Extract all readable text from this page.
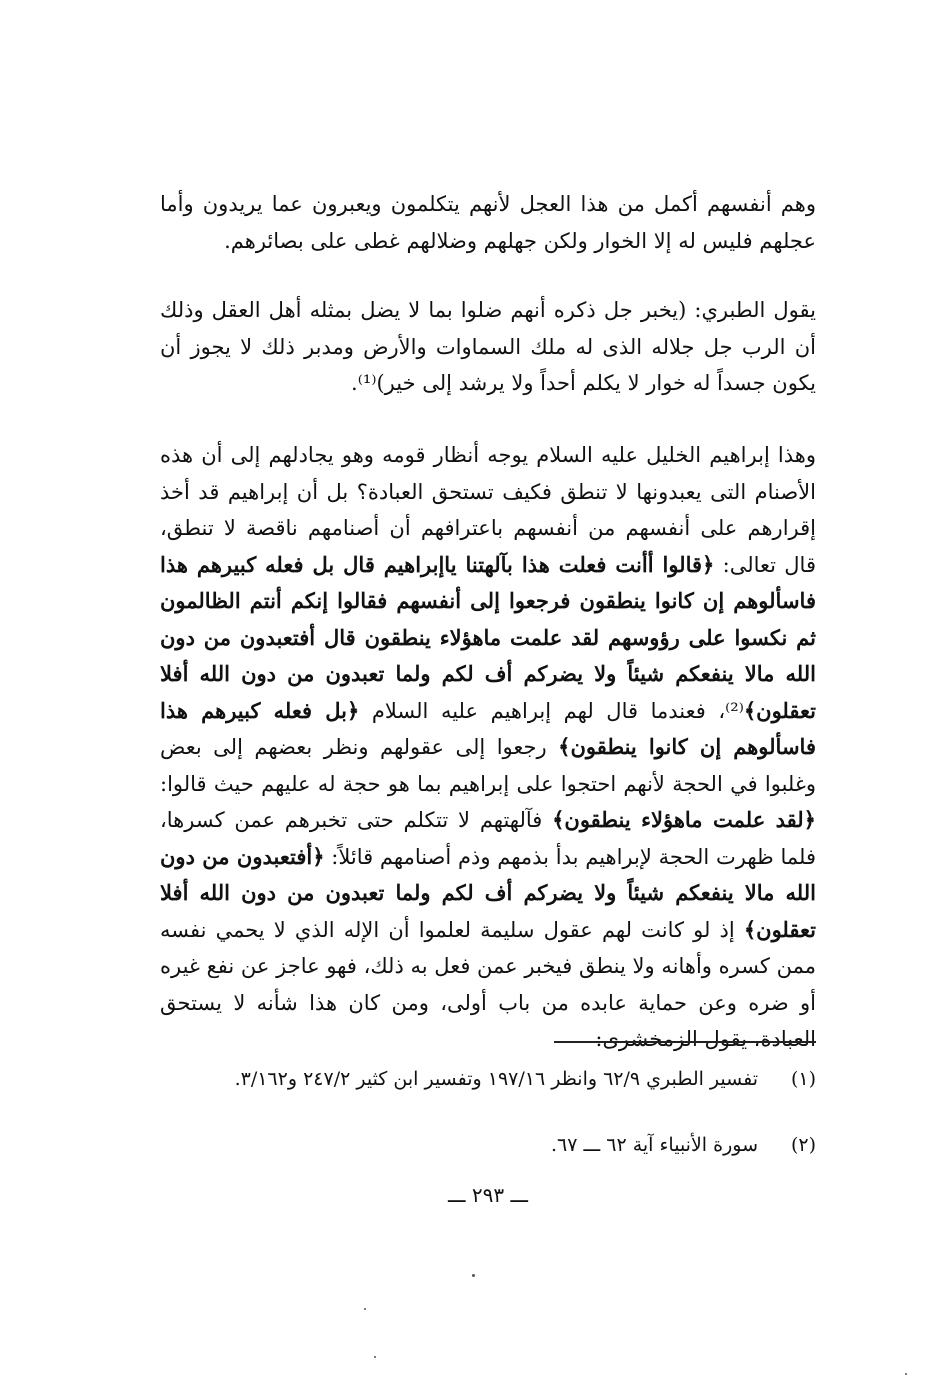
وهم أنفسهم أكمل من هذا العجل لأنهم يتكلمون ويعبرون عما يريدون وأما عجلهم فليس له إلا الخوار ولكن جهلهم وضلالهم غطى على بصائرهم.

يقول الطبري: (يخبر جل ذكره أنهم ضلوا بما لا يضل بمثله أهل العقل وذلك أن الرب جل جلاله الذى له ملك السماوات والأرض ومدبر ذلك لا يجوز أن يكون جسداً له خوار لا يكلم أحداً ولا يرشد إلى خير)⁽¹⁾.

وهذا إبراهيم الخليل عليه السلام يوجه أنظار قومه وهو يجادلهم إلى أن هذه الأصنام التى يعبدونها لا تنطق فكيف تستحق العبادة؟ بل أن إبراهيم قد أخذ إقرارهم على أنفسهم من أنفسهم باعترافهم أن أصنامهم ناقصة لا تنطق، قال تعالى: ﴿قالوا أأنت فعلت هذا بآلهتنا ياإبراهيم قال بل فعله كبيرهم هذا فاسألوهم إن كانوا ينطقون فرجعوا إلى أنفسهم فقالوا إنكم أنتم الظالمون ثم نكسوا على رؤوسهم لقد علمت ماهؤلاء ينطقون قال أفتعبدون من دون الله مالا ينفعكم شيئاً ولا يضركم أف لكم ولما تعبدون من دون الله أفلا تعقلون﴾⁽²⁾، فعندما قال لهم إبراهيم عليه السلام ﴿بل فعله كبيرهم هذا فاسألوهم إن كانوا ينطقون﴾ رجعوا إلى عقولهم ونظر بعضهم إلى بعض وغلبوا في الحجة لأنهم احتجوا على إبراهيم بما هو حجة له عليهم حيث قالوا: ﴿لقد علمت ماهؤلاء ينطقون﴾ فآلهتهم لا تتكلم حتى تخبرهم عمن كسرها، فلما ظهرت الحجة لإبراهيم بدأ بذمهم وذم أصنامهم قائلاً: ﴿أفتعبدون من دون الله مالا ينفعكم شيئاً ولا يضركم أف لكم ولما تعبدون من دون الله أفلا تعقلون﴾ إذ لو كانت لهم عقول سليمة لعلموا أن الإله الذي لا يحمي نفسه ممن كسره وأهانه ولا ينطق فيخبر عمن فعل به ذلك، فهو عاجز عن نفع غيره أو ضره وعن حماية عابده من باب أولى، ومن كان هذا شأنه لا يستحق العبادة، يقول الزمخشرى:

(١)تفسير الطبري ٦٢/٩ وانظر ١٩٧/١٦ وتفسير ابن كثير ٢٤٧/٢ و٣/١٦٢.

(٢)سورة الأنبياء آية ٦٢ ـــ ٦٧.

ـــ ٢٩٣ ـــ
